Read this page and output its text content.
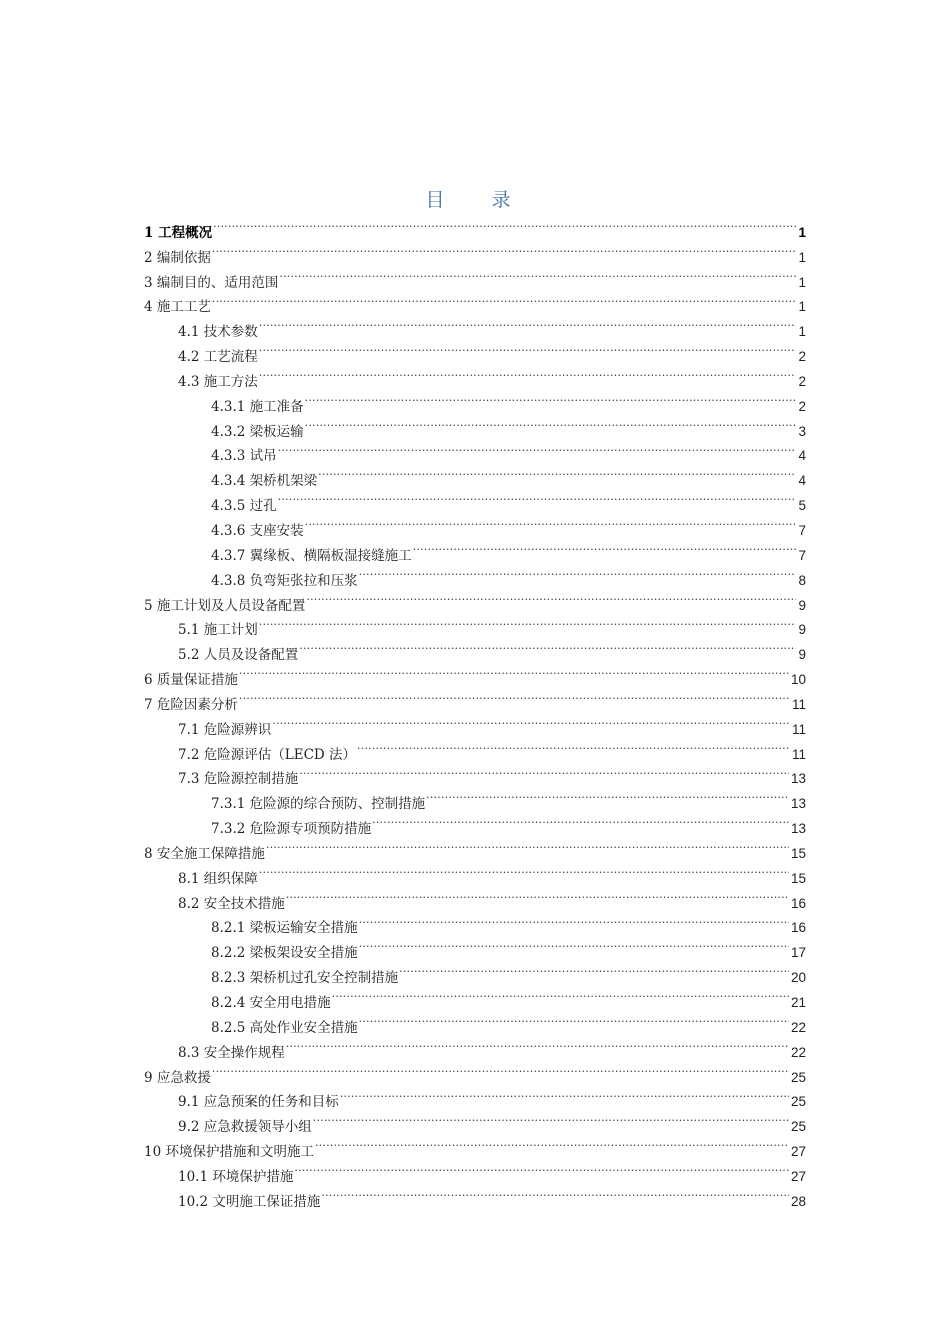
目　录
1 工程概况 .....	1
2 编制依据 .....	1
3 编制目的、适用范围 .....	1
4 施工工艺 .....	1
4.1 技术参数 .....	1
4.2 工艺流程 .....	2
4.3 施工方法 .....	2
4.3.1 施工准备 .....	2
4.3.2 梁板运输 .....	3
4.3.3 试吊 .....	4
4.3.4 架桥机架梁 .....	4
4.3.5 过孔 .....	5
4.3.6 支座安装 .....	7
4.3.7 翼缘板、横隔板湿接缝施工 .....	7
4.3.8 负弯矩张拉和压浆 .....	8
5 施工计划及人员设备配置 .....	9
5.1 施工计划 .....	9
5.2 人员及设备配置 .....	9
6 质量保证措施 .....	10
7 危险因素分析 .....	11
7.1 危险源辨识 .....	11
7.2 危险源评估（LECD 法） .....	11
7.3 危险源控制措施 .....	13
7.3.1 危险源的综合预防、控制措施 .....	13
7.3.2 危险源专项预防措施 .....	13
8 安全施工保障措施 .....	15
8.1 组织保障 .....	15
8.2 安全技术措施 .....	16
8.2.1 梁板运输安全措施 .....	16
8.2.2 梁板架设安全措施 .....	17
8.2.3 架桥机过孔安全控制措施 .....	20
8.2.4 安全用电措施 .....	21
8.2.5 高处作业安全措施 .....	22
8.3 安全操作规程 .....	22
9 应急救援 .....	25
9.1 应急预案的任务和目标 .....	25
9.2 应急救援领导小组 .....	25
10 环境保护措施和文明施工 .....	27
10.1 环境保护措施 .....	27
10.2 文明施工保证措施 .....	28
